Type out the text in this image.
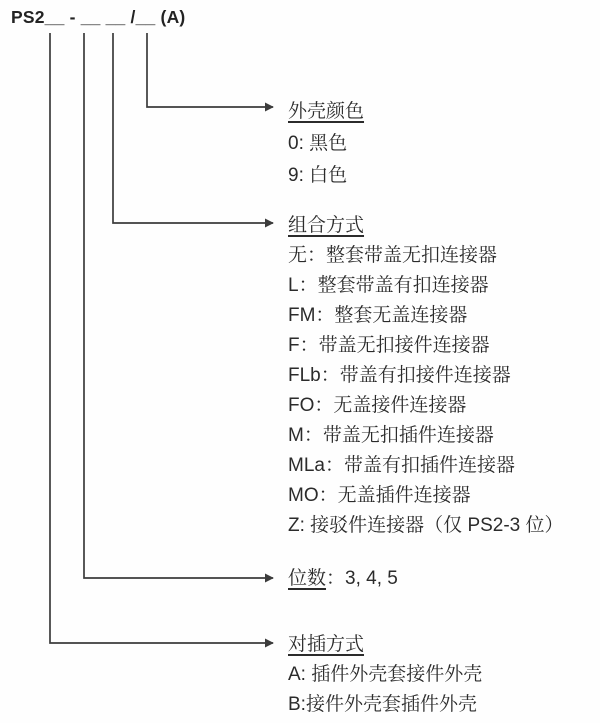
PS2__ - __ __ /__ (A)
外壳颜色
0: 黑色
9: 白色
组合方式
无：整套带盖无扣连接器
L：整套带盖有扣连接器
FM：整套无盖连接器
F：带盖无扣接件连接器
FLb：带盖有扣接件连接器
FO：无盖接件连接器
M：带盖无扣插件连接器
MLa：带盖有扣插件连接器
MO：无盖插件连接器
Z: 接驳件连接器（仅 PS2-3 位）
位数：3, 4, 5
对插方式
A: 插件外壳套接件外壳
B:接件外壳套插件外壳
